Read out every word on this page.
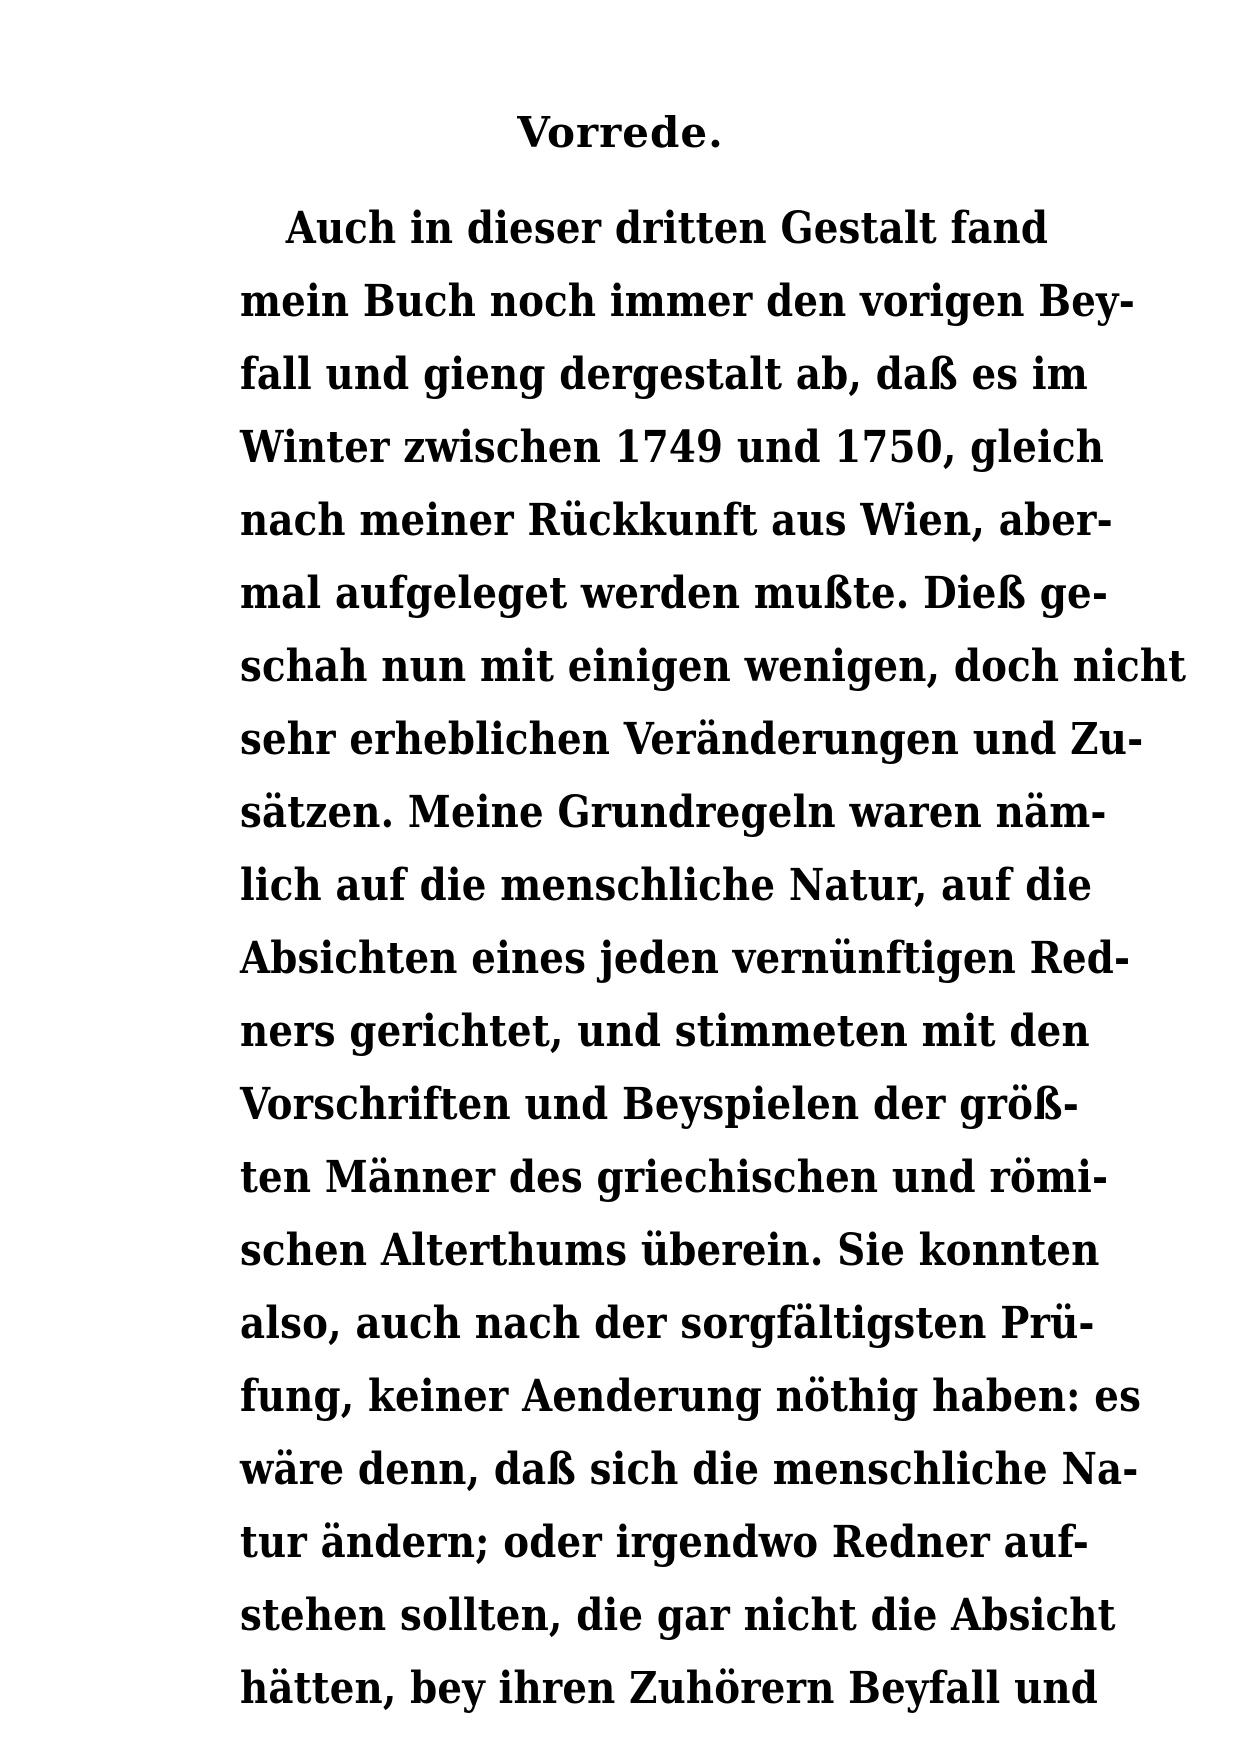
Vorrede.
Auch in dieser dritten Gestalt fand
mein Buch noch immer den vorigen Bey-
fall und gieng dergestalt ab, daß es im
Winter zwischen 1749 und 1750, gleich
nach meiner Rückkunft aus Wien, aber-
mal aufgeleget werden mußte. Dieß ge-
schah nun mit einigen wenigen, doch nicht
sehr erheblichen Veränderungen und Zu-
sätzen. Meine Grundregeln waren näm-
lich auf die menschliche Natur, auf die
Absichten eines jeden vernünftigen Red-
ners gerichtet, und stimmeten mit den
Vorschriften und Beyspielen der größ-
ten Männer des griechischen und römi-
schen Alterthums überein. Sie konnten
also, auch nach der sorgfältigsten Prü-
fung, keiner Aenderung nöthig haben: es
wäre denn, daß sich die menschliche Na-
tur ändern; oder irgendwo Redner auf-
stehen sollten, die gar nicht die Absicht
hätten, bey ihren Zuhörern Beyfall und
